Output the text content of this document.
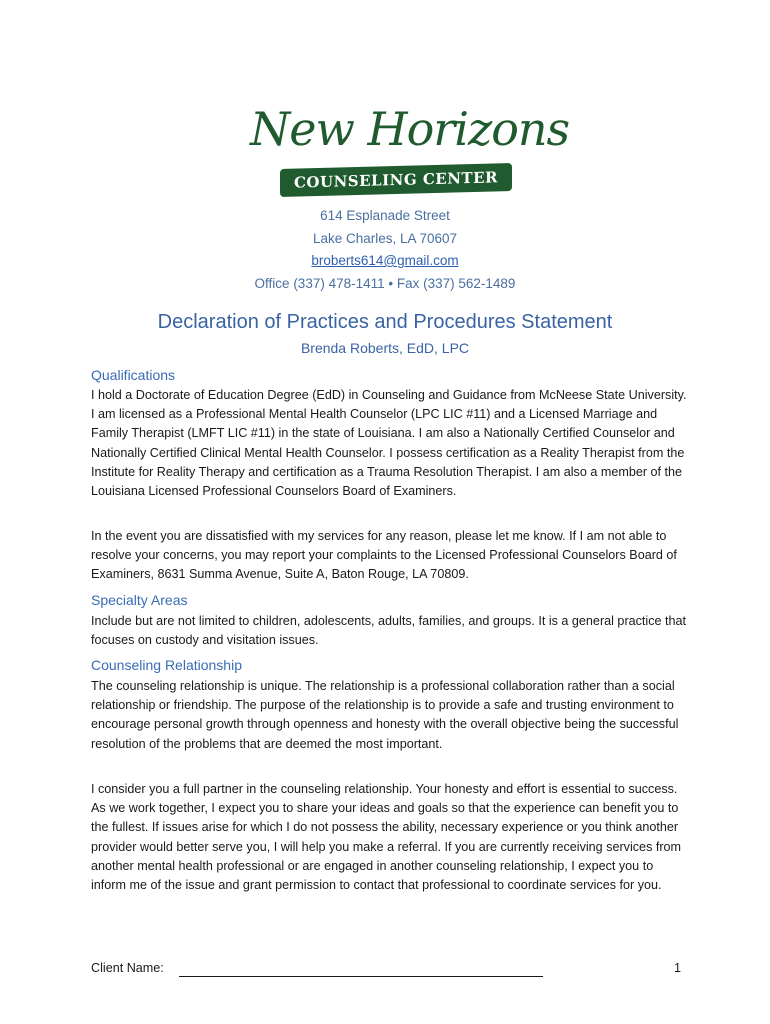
New Horizons
COUNSELING CENTER
614 Esplanade Street
Lake Charles, LA 70607
broberts614@gmail.com
Office (337) 478-1411 • Fax (337) 562-1489
Declaration of Practices and Procedures Statement
Brenda Roberts, EdD, LPC
Qualifications
I hold a Doctorate of Education Degree (EdD) in Counseling and Guidance from McNeese State University. I am licensed as a Professional Mental Health Counselor (LPC LIC #11) and a Licensed Marriage and Family Therapist (LMFT LIC #11) in the state of Louisiana. I am also a Nationally Certified Counselor and Nationally Certified Clinical Mental Health Counselor. I possess certification as a Reality Therapist from the Institute for Reality Therapy and certification as a Trauma Resolution Therapist. I am also a member of the Louisiana Licensed Professional Counselors Board of Examiners.
In the event you are dissatisfied with my services for any reason, please let me know. If I am not able to resolve your concerns, you may report your complaints to the Licensed Professional Counselors Board of Examiners, 8631 Summa Avenue, Suite A, Baton Rouge, LA 70809.
Specialty Areas
Include but are not limited to children, adolescents, adults, families, and groups. It is a general practice that focuses on custody and visitation issues.
Counseling Relationship
The counseling relationship is unique. The relationship is a professional collaboration rather than a social relationship or friendship. The purpose of the relationship is to provide a safe and trusting environment to encourage personal growth through openness and honesty with the overall objective being the successful resolution of the problems that are deemed the most important.
I consider you a full partner in the counseling relationship. Your honesty and effort is essential to success. As we work together, I expect you to share your ideas and goals so that the experience can benefit you to the fullest. If issues arise for which I do not possess the ability, necessary experience or you think another provider would better serve you, I will help you make a referral. If you are currently receiving services from another mental health professional or are engaged in another counseling relationship, I expect you to inform me of the issue and grant permission to contact that professional to coordinate services for you.
Client Name:	1
